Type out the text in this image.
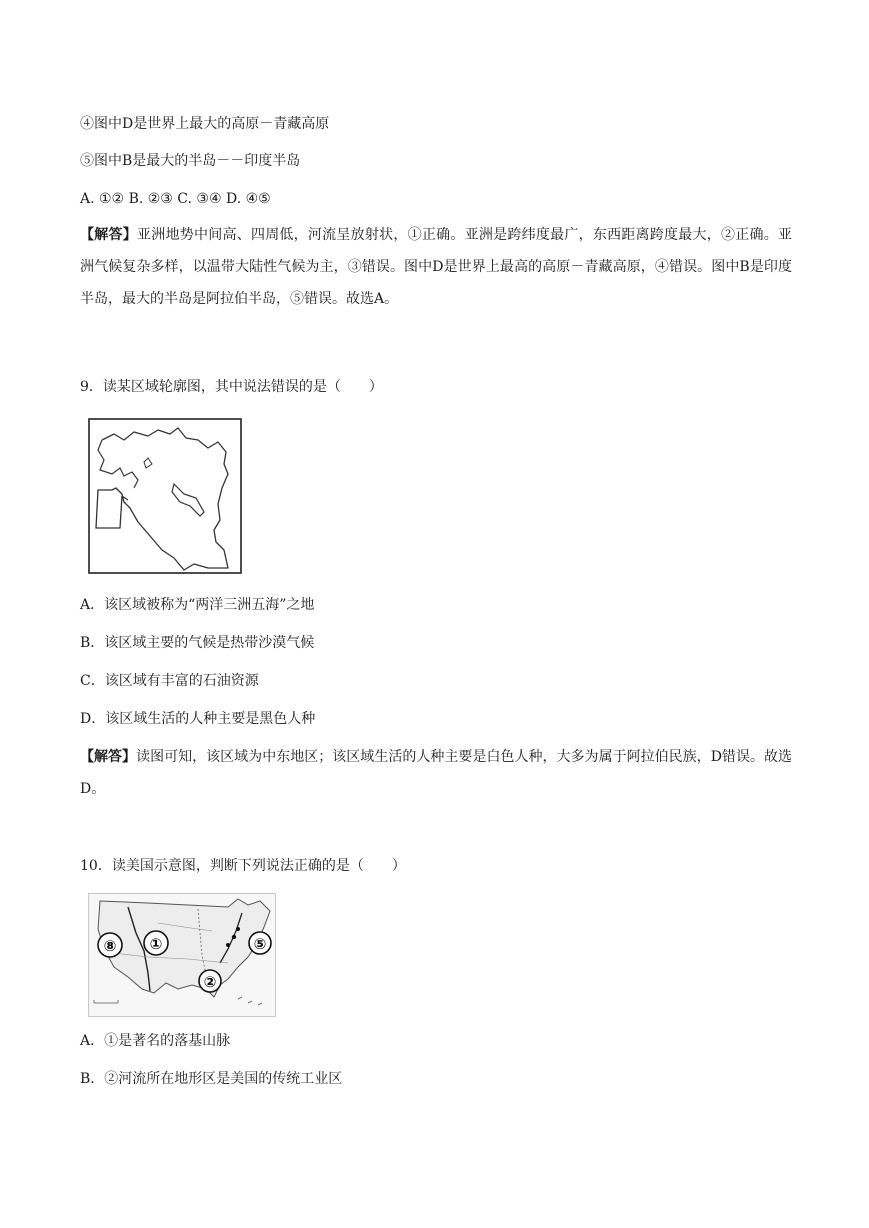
④图中D是世界上最大的高原－青藏高原
⑤图中B是最大的半岛－－印度半岛
A. ①② B. ②③ C. ③④ D. ④⑤
【解答】亚洲地势中间高、四周低，河流呈放射状，①正确。亚洲是跨纬度最广，东西距离跨度最大，②正确。亚洲气候复杂多样，以温带大陆性气候为主，③错误。图中D是世界上最高的高原－青藏高原，④错误。图中B是印度半岛，最大的半岛是阿拉伯半岛，⑤错误。故选A。
9．读某区域轮廓图，其中说法错误的是（　　）
A．该区域被称为“两洋三洲五海”之地
B．该区域主要的气候是热带沙漠气候
C．该区域有丰富的石油资源
D．该区域生活的人种主要是黑色人种
【解答】读图可知，该区域为中东地区；该区域生活的人种主要是白色人种，大多为属于阿拉伯民族，D错误。故选D。
10．读美国示意图，判断下列说法正确的是（　　）
⑧ ①
②
⑤
A．①是著名的落基山脉
B．②河流所在地形区是美国的传统工业区
